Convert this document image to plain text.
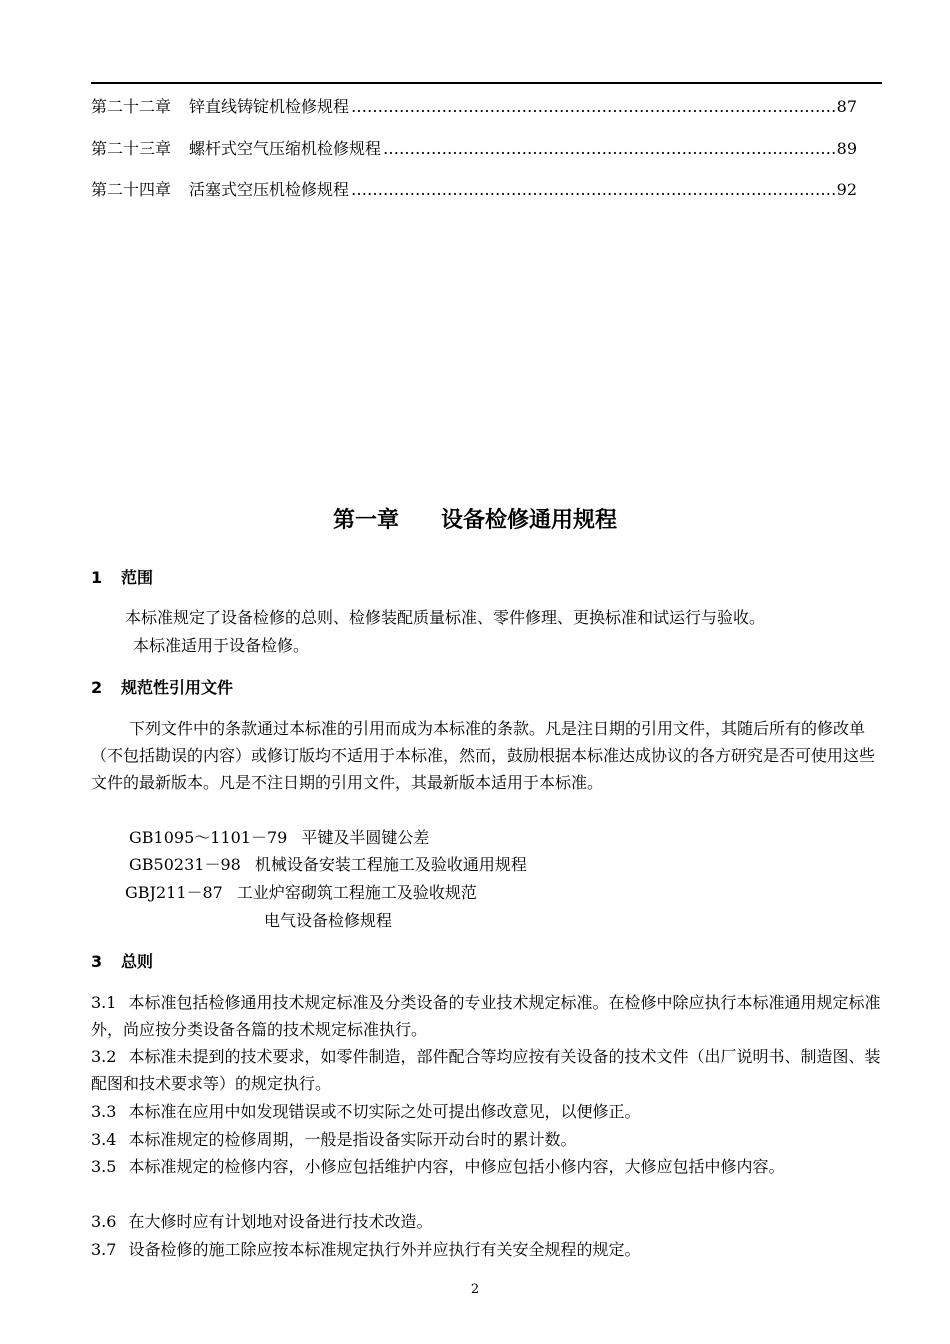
第二十二章 锌直线铸锭机检修规程 …………………………………………………………………………………………………………………………………………………	87
第二十三章 螺杆式空气压缩机检修规程 …………………………………………………………………………………………………………………………………………………	89
第二十四章 活塞式空压机检修规程 …………………………………………………………………………………………………………………………………………………	92
第一章 设备检修通用规程
1 范围
本标准规定了设备检修的总则、检修装配质量标准、零件修理、更换标准和试运行与验收。
本标准适用于设备检修。
2 规范性引用文件
下列文件中的条款通过本标准的引用而成为本标准的条款。凡是注日期的引用文件，其随后所有的修改单（不包括勘误的内容）或修订版均不适用于本标准，然而，鼓励根据本标准达成协议的各方研究是否可使用这些文件的最新版本。凡是不注日期的引用文件，其最新版本适用于本标准。
GB1095～1101－79 平键及半圆键公差
GB50231－98 机械设备安装工程施工及验收通用规程
GBJ211－87 工业炉窑砌筑工程施工及验收规范
电气设备检修规程
3 总则
3.1 本标准包括检修通用技术规定标准及分类设备的专业技术规定标准。在检修中除应执行本标准通用规定标准外，尚应按分类设备各篇的技术规定标准执行。
3.2 本标准未提到的技术要求，如零件制造，部件配合等均应按有关设备的技术文件（出厂说明书、制造图、装配图和技术要求等）的规定执行。
3.3 本标准在应用中如发现错误或不切实际之处可提出修改意见，以便修正。
3.4 本标准规定的检修周期，一般是指设备实际开动台时的累计数。
3.5 本标准规定的检修内容，小修应包括维护内容，中修应包括小修内容，大修应包括中修内容。
3.6 在大修时应有计划地对设备进行技术改造。
3.7 设备检修的施工除应按本标准规定执行外并应执行有关安全规程的规定。
2
